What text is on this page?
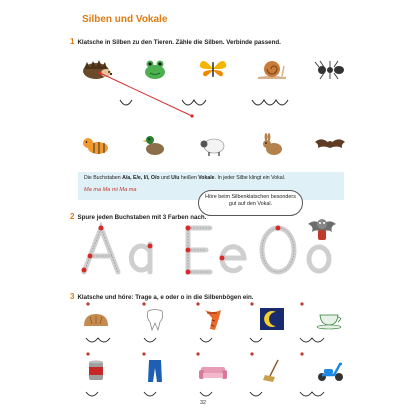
Silben und Vokale
1 Klatsche in Silben zu den Tieren. Zähle die Silben. Verbinde passend.
Die Buchstaben A/a, E/e, I/i, O/o und U/u heißen Vokale. In jeder Silbe klingt ein Vokal.
Ma ma Ma mi Ma ma
Höre beim Silbenklatschen besonders gut auf den Vokal.
2 Spure jeden Buchstaben mit 3 Farben nach.
3 Klatsche und höre: Trage a, e oder o in die Silbenbögen ein.
32
